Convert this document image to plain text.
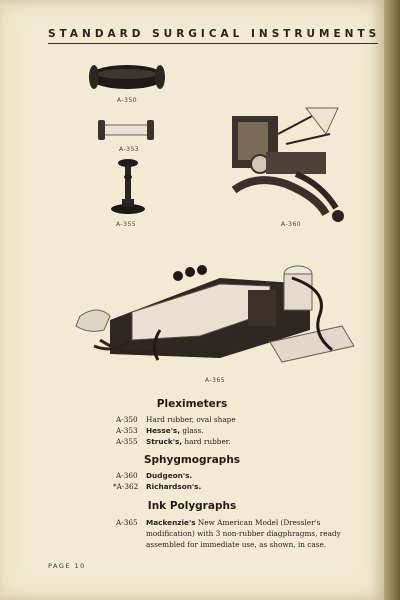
STANDARD SURGICAL INSTRUMENTS
A-350
A-353
A-355	A-360
A-365
Pleximeters
A-350	Hard rubber, oval shape
A-353	Hesse's, glass.
A-355	Struck's, hard rubber.
Sphygmographs
A-360	Dudgeon's.
*A-362	Richardson's.
Ink Polygraphs
A-365	Mackenzie's New American Model (Dressler's modification) with 3 non-rubber diagphragms, ready assembled for immediate use, as shown, in case.
PAGE 10
